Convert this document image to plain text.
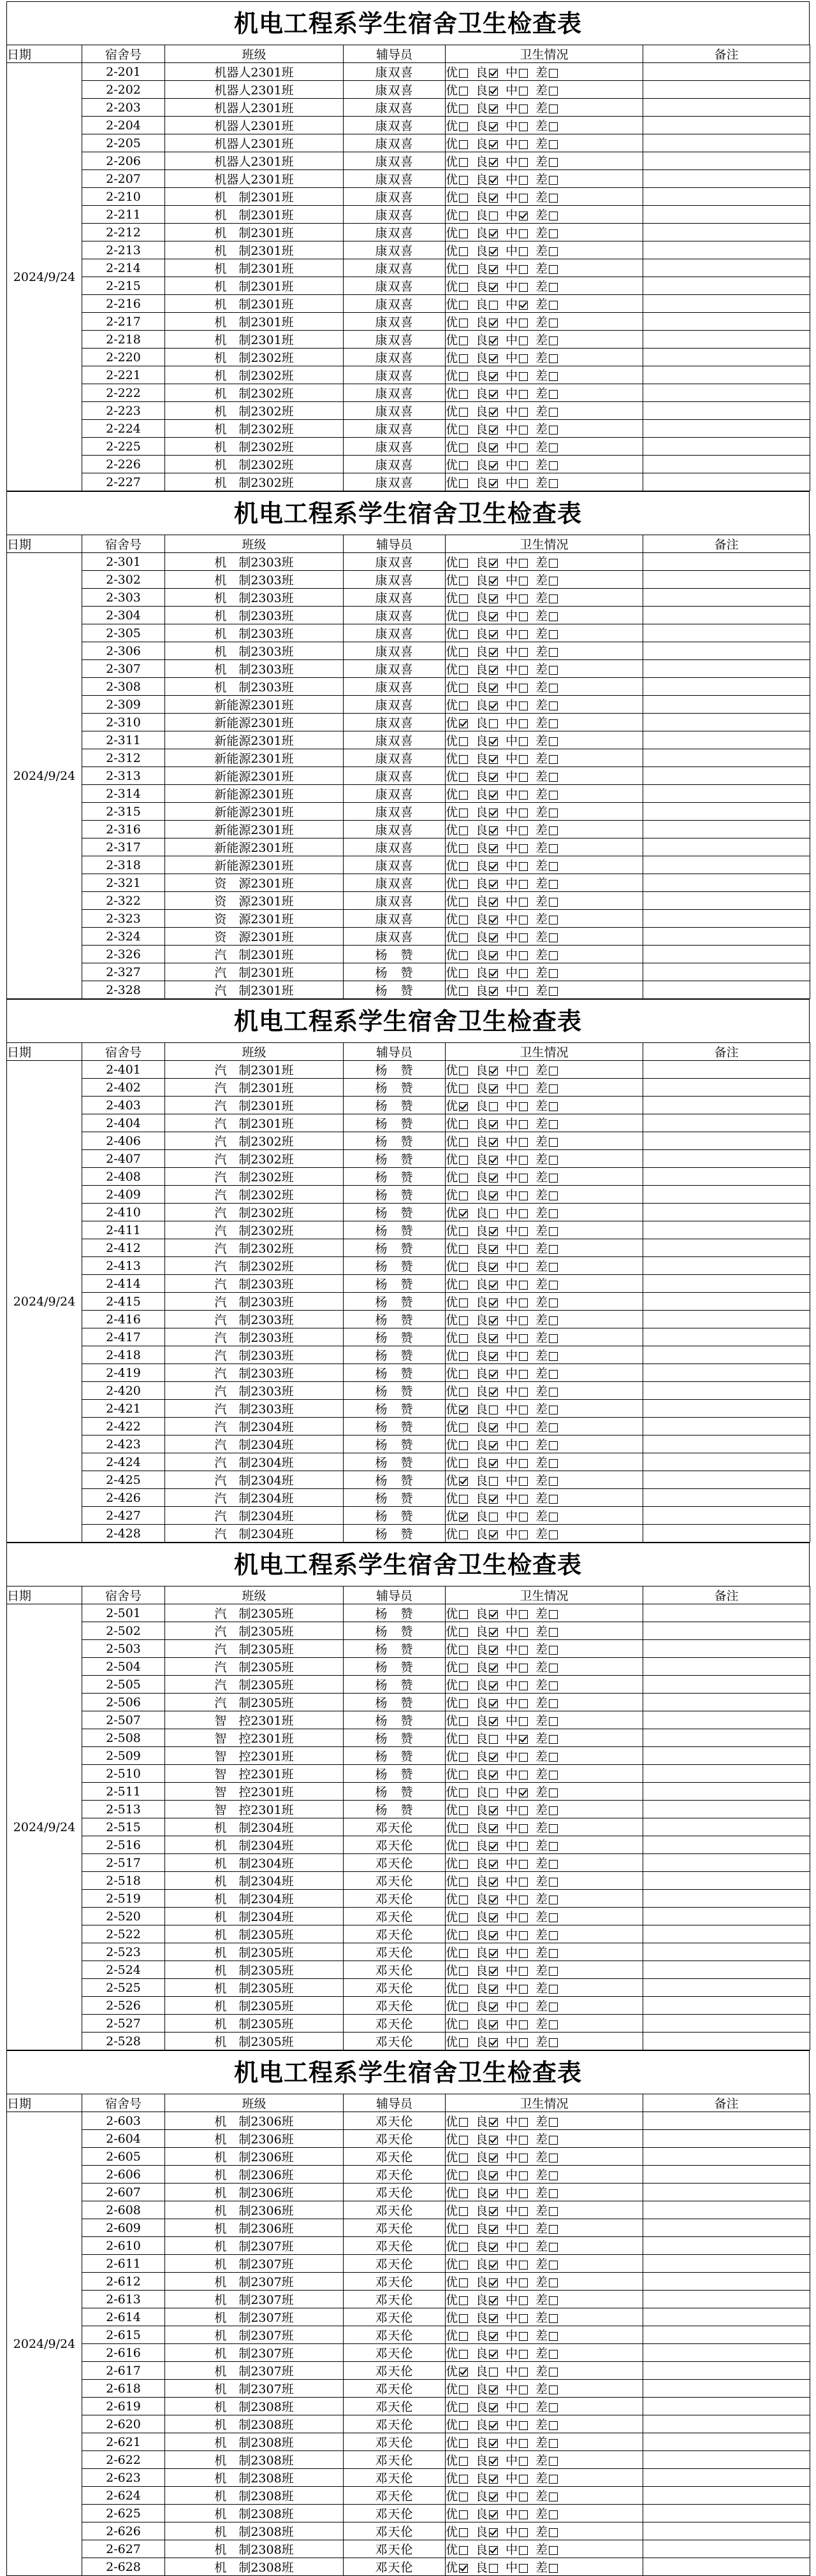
机电工程系学生宿舍卫生检查表
日期	宿舍号	班级	辅导员	卫生情况	备注
2024/9/24	2-201	机器人2301班	康双喜	优 良 中 差	
	2-202	机器人2301班	康双喜	优 良 中 差	
	2-203	机器人2301班	康双喜	优 良 中 差	
	2-204	机器人2301班	康双喜	优 良 中 差	
	2-205	机器人2301班	康双喜	优 良 中 差	
	2-206	机器人2301班	康双喜	优 良 中 差	
	2-207	机器人2301班	康双喜	优 良 中 差	
	2-210	机　制2301班	康双喜	优 良 中 差	
	2-211	机　制2301班	康双喜	优 良 中 差	
	2-212	机　制2301班	康双喜	优 良 中 差	
	2-213	机　制2301班	康双喜	优 良 中 差	
	2-214	机　制2301班	康双喜	优 良 中 差	
	2-215	机　制2301班	康双喜	优 良 中 差	
	2-216	机　制2301班	康双喜	优 良 中 差	
	2-217	机　制2301班	康双喜	优 良 中 差	
	2-218	机　制2301班	康双喜	优 良 中 差	
	2-220	机　制2302班	康双喜	优 良 中 差	
	2-221	机　制2302班	康双喜	优 良 中 差	
	2-222	机　制2302班	康双喜	优 良 中 差	
	2-223	机　制2302班	康双喜	优 良 中 差	
	2-224	机　制2302班	康双喜	优 良 中 差	
	2-225	机　制2302班	康双喜	优 良 中 差	
	2-226	机　制2302班	康双喜	优 良 中 差	
	2-227	机　制2302班	康双喜	优 良 中 差	
机电工程系学生宿舍卫生检查表
日期	宿舍号	班级	辅导员	卫生情况	备注
2024/9/24	2-301	机　制2303班	康双喜	优 良 中 差	
	2-302	机　制2303班	康双喜	优 良 中 差	
	2-303	机　制2303班	康双喜	优 良 中 差	
	2-304	机　制2303班	康双喜	优 良 中 差	
	2-305	机　制2303班	康双喜	优 良 中 差	
	2-306	机　制2303班	康双喜	优 良 中 差	
	2-307	机　制2303班	康双喜	优 良 中 差	
	2-308	机　制2303班	康双喜	优 良 中 差	
	2-309	新能源2301班	康双喜	优 良 中 差	
	2-310	新能源2301班	康双喜	优 良 中 差	
	2-311	新能源2301班	康双喜	优 良 中 差	
	2-312	新能源2301班	康双喜	优 良 中 差	
	2-313	新能源2301班	康双喜	优 良 中 差	
	2-314	新能源2301班	康双喜	优 良 中 差	
	2-315	新能源2301班	康双喜	优 良 中 差	
	2-316	新能源2301班	康双喜	优 良 中 差	
	2-317	新能源2301班	康双喜	优 良 中 差	
	2-318	新能源2301班	康双喜	优 良 中 差	
	2-321	资　源2301班	康双喜	优 良 中 差	
	2-322	资　源2301班	康双喜	优 良 中 差	
	2-323	资　源2301班	康双喜	优 良 中 差	
	2-324	资　源2301班	康双喜	优 良 中 差	
	2-326	汽　制2301班	杨　赞	优 良 中 差	
	2-327	汽　制2301班	杨　赞	优 良 中 差	
	2-328	汽　制2301班	杨　赞	优 良 中 差	
机电工程系学生宿舍卫生检查表
日期	宿舍号	班级	辅导员	卫生情况	备注
2024/9/24	2-401	汽　制2301班	杨　赞	优 良 中 差	
	2-402	汽　制2301班	杨　赞	优 良 中 差	
	2-403	汽　制2301班	杨　赞	优 良 中 差	
	2-404	汽　制2301班	杨　赞	优 良 中 差	
	2-406	汽　制2302班	杨　赞	优 良 中 差	
	2-407	汽　制2302班	杨　赞	优 良 中 差	
	2-408	汽　制2302班	杨　赞	优 良 中 差	
	2-409	汽　制2302班	杨　赞	优 良 中 差	
	2-410	汽　制2302班	杨　赞	优 良 中 差	
	2-411	汽　制2302班	杨　赞	优 良 中 差	
	2-412	汽　制2302班	杨　赞	优 良 中 差	
	2-413	汽　制2302班	杨　赞	优 良 中 差	
	2-414	汽　制2303班	杨　赞	优 良 中 差	
	2-415	汽　制2303班	杨　赞	优 良 中 差	
	2-416	汽　制2303班	杨　赞	优 良 中 差	
	2-417	汽　制2303班	杨　赞	优 良 中 差	
	2-418	汽　制2303班	杨　赞	优 良 中 差	
	2-419	汽　制2303班	杨　赞	优 良 中 差	
	2-420	汽　制2303班	杨　赞	优 良 中 差	
	2-421	汽　制2303班	杨　赞	优 良 中 差	
	2-422	汽　制2304班	杨　赞	优 良 中 差	
	2-423	汽　制2304班	杨　赞	优 良 中 差	
	2-424	汽　制2304班	杨　赞	优 良 中 差	
	2-425	汽　制2304班	杨　赞	优 良 中 差	
	2-426	汽　制2304班	杨　赞	优 良 中 差	
	2-427	汽　制2304班	杨　赞	优 良 中 差	
	2-428	汽　制2304班	杨　赞	优 良 中 差	
机电工程系学生宿舍卫生检查表
日期	宿舍号	班级	辅导员	卫生情况	备注
2024/9/24	2-501	汽　制2305班	杨　赞	优 良 中 差	
	2-502	汽　制2305班	杨　赞	优 良 中 差	
	2-503	汽　制2305班	杨　赞	优 良 中 差	
	2-504	汽　制2305班	杨　赞	优 良 中 差	
	2-505	汽　制2305班	杨　赞	优 良 中 差	
	2-506	汽　制2305班	杨　赞	优 良 中 差	
	2-507	智　控2301班	杨　赞	优 良 中 差	
	2-508	智　控2301班	杨　赞	优 良 中 差	
	2-509	智　控2301班	杨　赞	优 良 中 差	
	2-510	智　控2301班	杨　赞	优 良 中 差	
	2-511	智　控2301班	杨　赞	优 良 中 差	
	2-513	智　控2301班	杨　赞	优 良 中 差	
	2-515	机　制2304班	邓天伦	优 良 中 差	
	2-516	机　制2304班	邓天伦	优 良 中 差	
	2-517	机　制2304班	邓天伦	优 良 中 差	
	2-518	机　制2304班	邓天伦	优 良 中 差	
	2-519	机　制2304班	邓天伦	优 良 中 差	
	2-520	机　制2304班	邓天伦	优 良 中 差	
	2-522	机　制2305班	邓天伦	优 良 中 差	
	2-523	机　制2305班	邓天伦	优 良 中 差	
	2-524	机　制2305班	邓天伦	优 良 中 差	
	2-525	机　制2305班	邓天伦	优 良 中 差	
	2-526	机　制2305班	邓天伦	优 良 中 差	
	2-527	机　制2305班	邓天伦	优 良 中 差	
	2-528	机　制2305班	邓天伦	优 良 中 差	
机电工程系学生宿舍卫生检查表
日期	宿舍号	班级	辅导员	卫生情况	备注
2024/9/24	2-603	机　制2306班	邓天伦	优 良 中 差	
	2-604	机　制2306班	邓天伦	优 良 中 差	
	2-605	机　制2306班	邓天伦	优 良 中 差	
	2-606	机　制2306班	邓天伦	优 良 中 差	
	2-607	机　制2306班	邓天伦	优 良 中 差	
	2-608	机　制2306班	邓天伦	优 良 中 差	
	2-609	机　制2306班	邓天伦	优 良 中 差	
	2-610	机　制2307班	邓天伦	优 良 中 差	
	2-611	机　制2307班	邓天伦	优 良 中 差	
	2-612	机　制2307班	邓天伦	优 良 中 差	
	2-613	机　制2307班	邓天伦	优 良 中 差	
	2-614	机　制2307班	邓天伦	优 良 中 差	
	2-615	机　制2307班	邓天伦	优 良 中 差	
	2-616	机　制2307班	邓天伦	优 良 中 差	
	2-617	机　制2307班	邓天伦	优 良 中 差	
	2-618	机　制2307班	邓天伦	优 良 中 差	
	2-619	机　制2308班	邓天伦	优 良 中 差	
	2-620	机　制2308班	邓天伦	优 良 中 差	
	2-621	机　制2308班	邓天伦	优 良 中 差	
	2-622	机　制2308班	邓天伦	优 良 中 差	
	2-623	机　制2308班	邓天伦	优 良 中 差	
	2-624	机　制2308班	邓天伦	优 良 中 差	
	2-625	机　制2308班	邓天伦	优 良 中 差	
	2-626	机　制2308班	邓天伦	优 良 中 差	
	2-627	机　制2308班	邓天伦	优 良 中 差	
	2-628	机　制2308班	邓天伦	优 良 中 差	
